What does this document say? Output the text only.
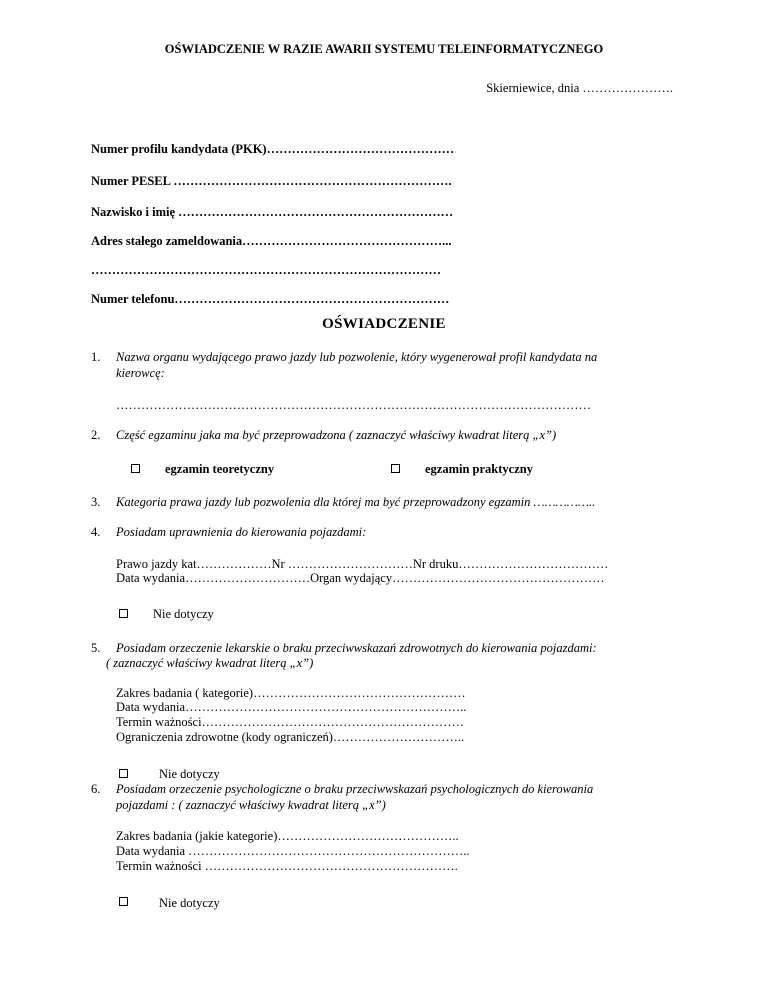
OŚWIADCZENIE W RAZIE AWARII SYSTEMU TELEINFORMATYCZNEGO
Skierniewice, dnia ………………….
Numer profilu kandydata (PKK)………………………………………
Numer PESEL ………………………………………………………….
Nazwisko i imię …………………………………………………………
Adres stałego zameldowania…………………………………………...
…………………………………………………………………………
Numer telefonu…………………………………………………………
OŚWIADCZENIE
1. Nazwa organu wydającego prawo jazdy lub pozwolenie, który wygenerował profil kandydata na
kierowcę:
……………………………………………………………………………………………………
2. Część egzaminu jaka ma być przeprowadzona ( zaznaczyć właściwy kwadrat literą „x”)
egzamin teoretyczny	egzamin praktyczny
3. Kategoria prawa jazdy lub pozwolenia dla której ma być przeprowadzony egzamin ……………..
4. Posiadam uprawnienia do kierowania pojazdami:
Prawo jazdy kat………………Nr …………………………Nr druku………………………………
Data wydania…………………………Organ wydający……………………………………………
Nie dotyczy
5. Posiadam orzeczenie lekarskie o braku przeciwwskazań zdrowotnych do kierowania pojazdami:
( zaznaczyć właściwy kwadrat literą „x”)
Zakres badania ( kategorie)……………………………………………
Data wydania…………………………………………………………..
Termin ważności………………………………………………………
Ograniczenia zdrowotne (kody ograniczeń)…………………………..
Nie dotyczy
6. Posiadam orzeczenie psychologiczne o braku przeciwwskazań psychologicznych do kierowania
pojazdami : ( zaznaczyć właściwy kwadrat literą „x”)
Zakres badania (jakie kategorie)……………………………………..
Data wydania …………………………………………………………..
Termin ważności …………………………………………………….
Nie dotyczy
